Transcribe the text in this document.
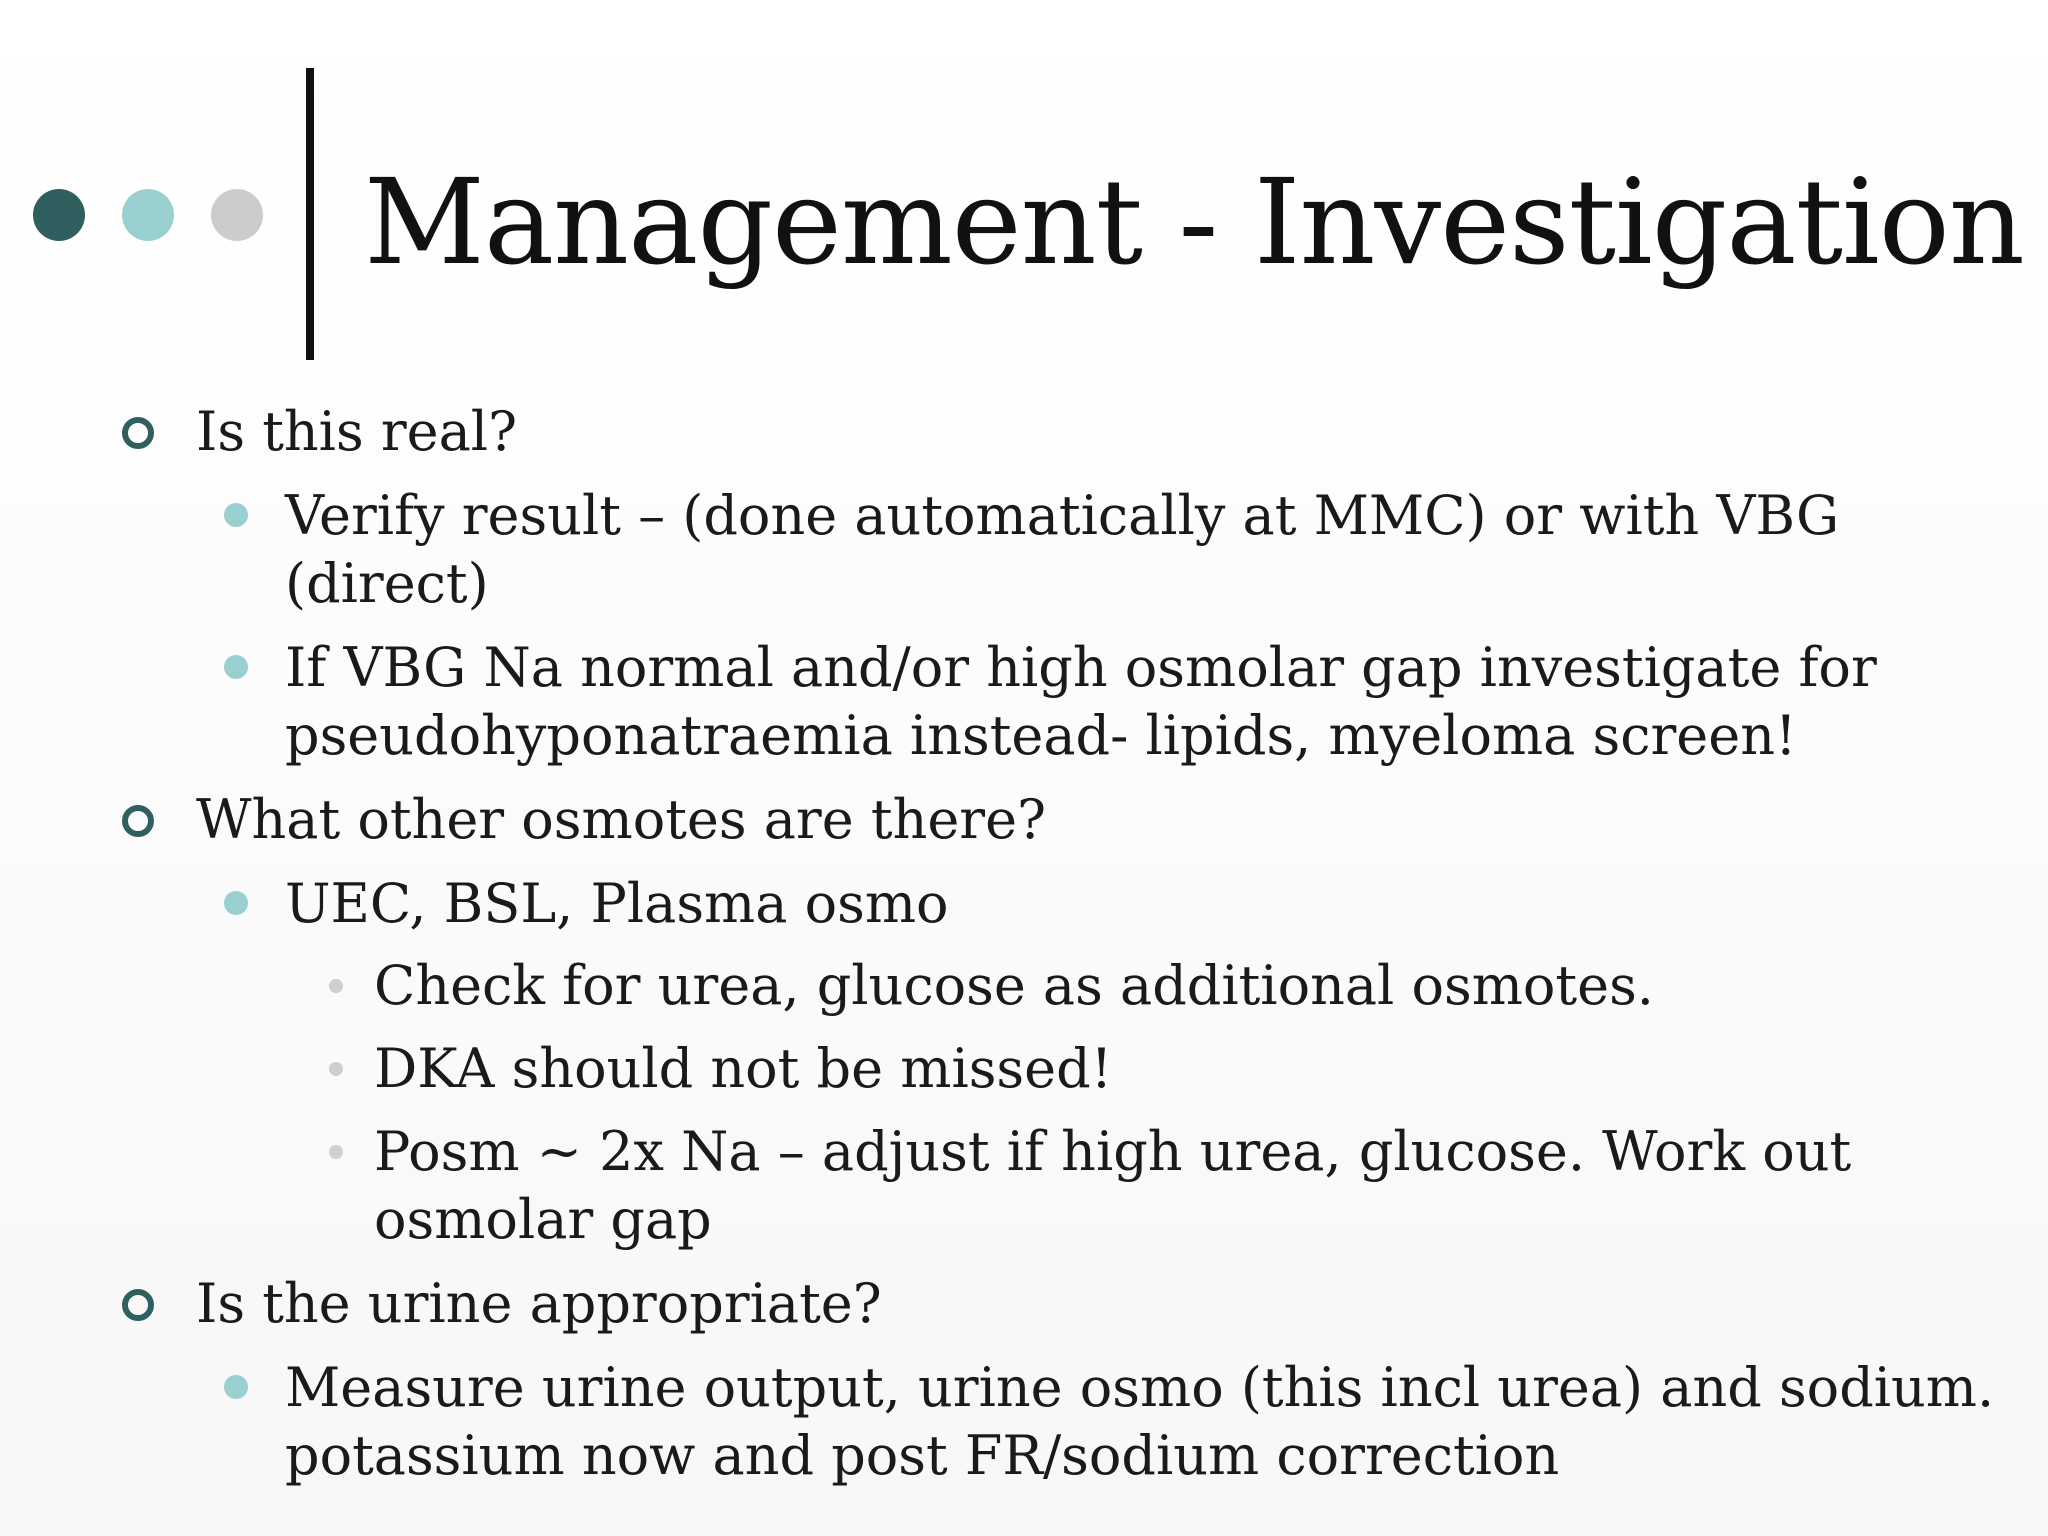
Management - Investigation
Is this real?
Verify result – (done automatically at MMC) or with VBG
(direct)
If VBG Na normal and/or high osmolar gap investigate for
pseudohyponatraemia instead- lipids, myeloma screen!
What other osmotes are there?
UEC, BSL, Plasma osmo
Check for urea, glucose as additional osmotes.
DKA should not be missed!
Posm ~ 2x Na – adjust if high urea, glucose. Work out
osmolar gap
Is the urine appropriate?
Measure urine output, urine osmo (this incl urea) and sodium.
potassium now and post FR/sodium correction
